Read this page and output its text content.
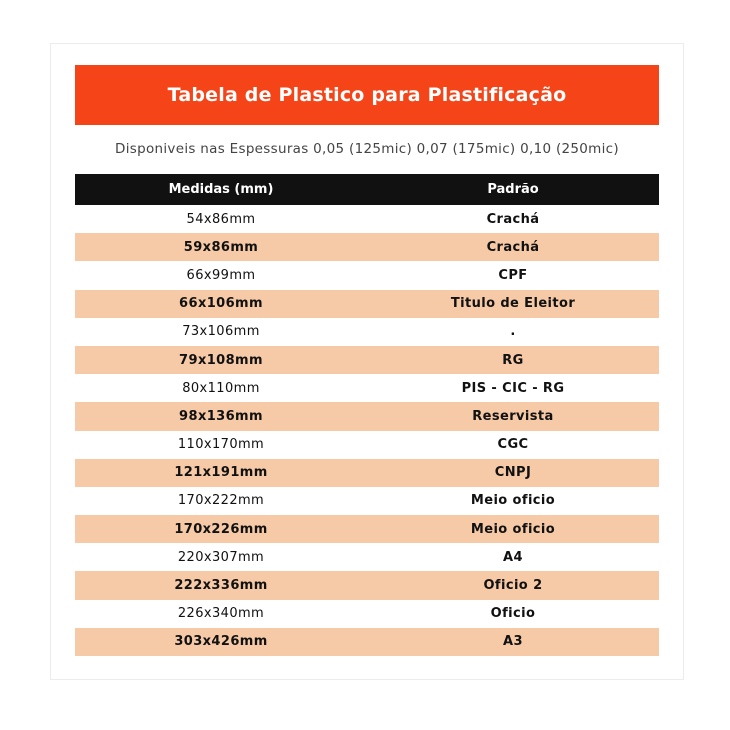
Tabela de Plastico para Plastificação
Disponiveis nas Espessuras 0,05 (125mic) 0,07 (175mic) 0,10 (250mic)
Medidas (mm)	Padrão
54x86mm	Crachá
59x86mm	Crachá
66x99mm	CPF
66x106mm	Titulo de Eleitor
73x106mm	.
79x108mm	RG
80x110mm	PIS - CIC - RG
98x136mm	Reservista
110x170mm	CGC
121x191mm	CNPJ
170x222mm	Meio oficio
170x226mm	Meio oficio
220x307mm	A4
222x336mm	Oficio 2
226x340mm	Oficio
303x426mm	A3
